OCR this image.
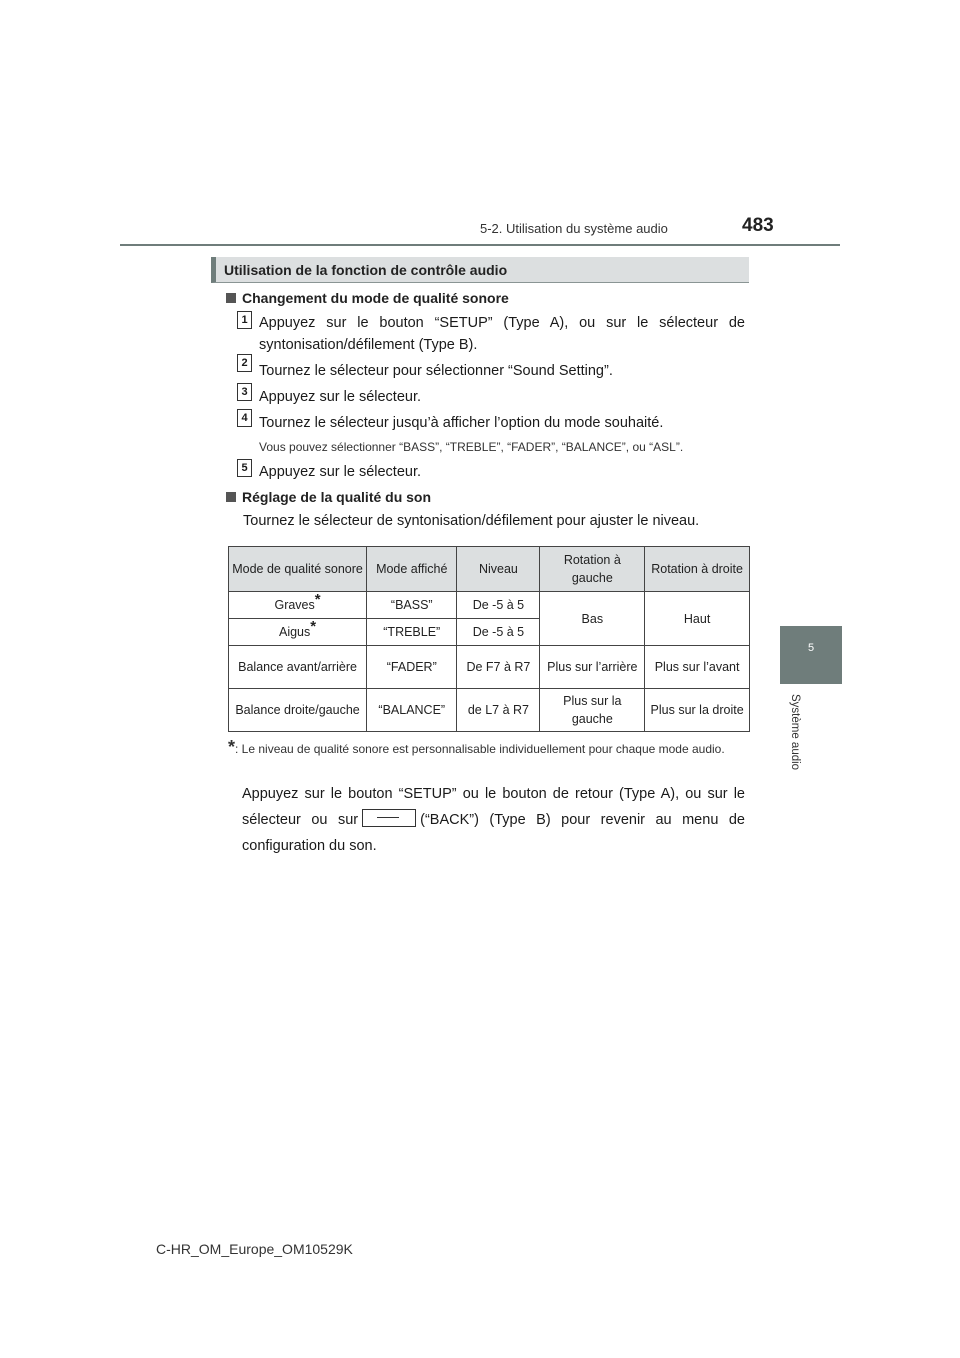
5-2. Utilisation du système audio	483
5
Système audio
Utilisation de la fonction de contrôle audio
Changement du mode de qualité sonore
1 Appuyez sur le bouton “SETUP” (Type A), ou sur le sélecteur de syntonisation/défilement (Type B).
2 Tournez le sélecteur pour sélectionner “Sound Setting”.
3 Appuyez sur le sélecteur.
4 Tournez le sélecteur jusqu’à afficher l’option du mode souhaité.
Vous pouvez sélectionner “BASS”, “TREBLE”, “FADER”, “BALANCE”, ou “ASL”.
5 Appuyez sur le sélecteur.
Réglage de la qualité du son
Tournez le sélecteur de syntonisation/défilement pour ajuster le niveau.
Mode de qualité sonore	Mode affiché	Niveau	Rotation à gauche	Rotation à droite
Graves*	“BASS”	De -5 à 5	Bas	Haut
Aigus*	“TREBLE”	De -5 à 5		
Balance avant/arrière	“FADER”	De F7 à R7	Plus sur l’arrière	Plus sur l’avant
Balance droite/gauche	“BALANCE”	de L7 à R7	Plus sur la gauche	Plus sur la droite
*: Le niveau de qualité sonore est personnalisable individuellement pour chaque mode audio.
Appuyez sur le bouton “SETUP” ou le bouton de retour (Type A), ou sur le sélecteur ou sur	(“BACK”) (Type B) pour revenir au menu de configuration du son.
C-HR_OM_Europe_OM10529K
